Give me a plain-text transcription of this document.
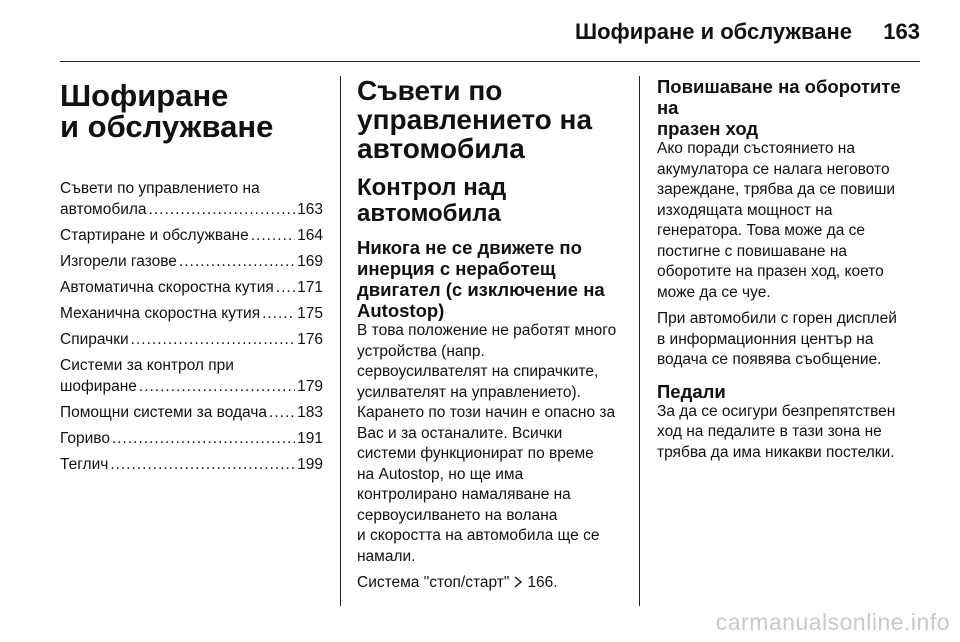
Шофиране и обслужване 163
Шофиране
и обслужване
Съвети по управлението на
автомобила .....	163
Стартиране и обслужване .....	164
Изгорели газове .....	169
Автоматична скоростна кутия ..... 171
Механична скоростна кутия ..... 175
Спирачки .....	176
Системи за контрол при
шофиране .....	179
Помощни системи за водача ..... 183
Гориво .....	191
Теглич .....	199
Съвети по
управлението на
автомобила
Контрол над автомобила
Никога не се движете по
инерция с неработещ
двигател (с изключение на
Autostop)
В това положение не работят много
устройства (напр.
сервоусилвателят на спирачките,
усилвателят на управлението).
Карането по този начин е опасно за
Вас и за останалите. Всички
системи функционират по време
на Autostop, но ще има
контролирано намаляване на
сервоусилването на волана
и скоростта на автомобила ще се
намали.
Система "стоп/старт" 166.
Повишаване на оборотите на
празен ход
Ако поради състоянието на
акумулатора се налага неговото
зареждане, трябва да се повиши
изходящата мощност на
генератора. Това може да се
постигне с повишаване на
оборотите на празен ход, което
може да се чуе.
При автомобили с горен дисплей
в информационния център на
водача се появява съобщение.
Педали
За да се осигури безпрепятствен
ход на педалите в тази зона не
трябва да има никакви постелки.
carmanualsonline.info
